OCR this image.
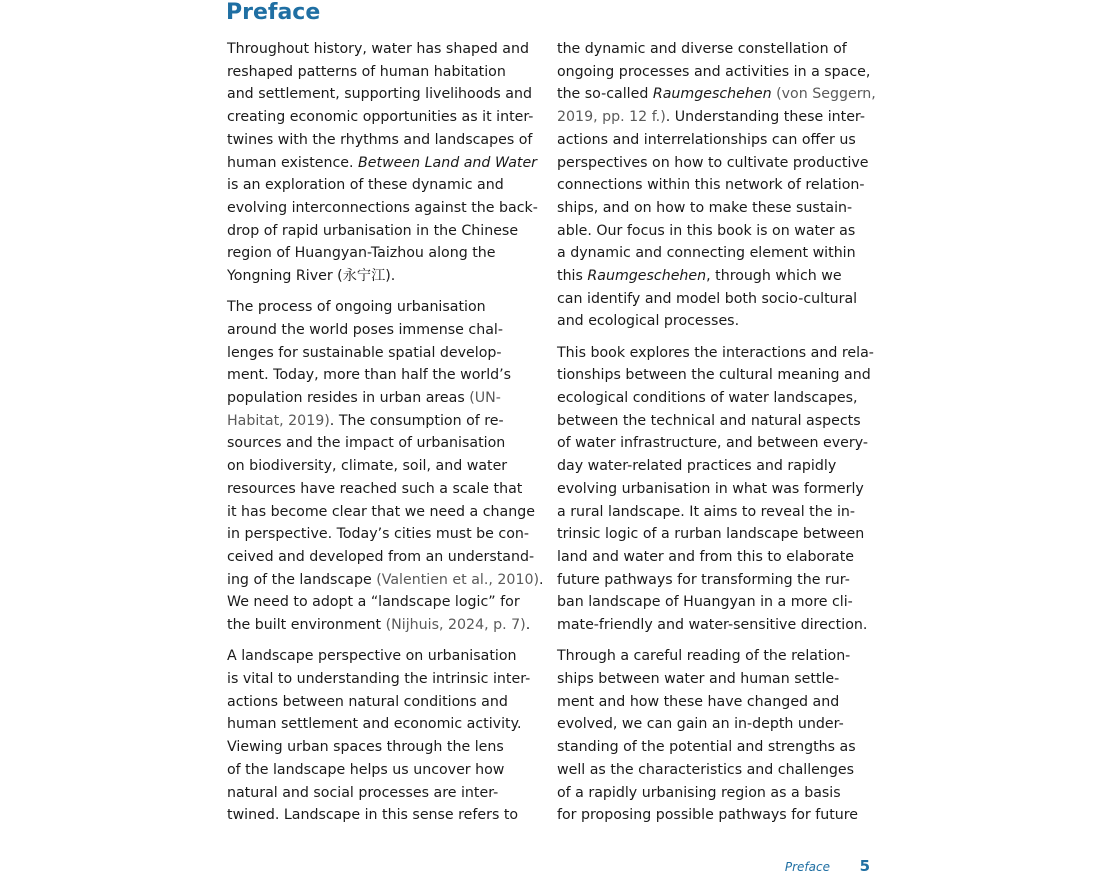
Preface

Throughout history, water has shaped and
reshaped patterns of human habitation
and settlement, supporting livelihoods and
creating economic opportunities as it inter-
twines with the rhythms and landscapes of
human existence. Between Land and Water
is an exploration of these dynamic and
evolving interconnections against the back-
drop of rapid urbanisation in the Chinese
region of Huangyan-Taizhou along the
Yongning River (永宁江).

The process of ongoing urbanisation
around the world poses immense chal-
lenges for sustainable spatial develop-
ment. Today, more than half the world’s
population resides in urban areas (UN-
Habitat, 2019). The consumption of re-
sources and the impact of urbanisation
on biodiversity, climate, soil, and water
resources have reached such a scale that
it has become clear that we need a change
in perspective. Today’s cities must be con-
ceived and developed from an understand-
ing of the landscape (Valentien et al., 2010).
We need to adopt a “landscape logic” for
the built environment (Nijhuis, 2024, p. 7).

A landscape perspective on urbanisation
is vital to understanding the intrinsic inter-
actions between natural conditions and
human settlement and economic activity.
Viewing urban spaces through the lens
of the landscape helps us uncover how
natural and social processes are inter-
twined. Landscape in this sense refers to

the dynamic and diverse constellation of
ongoing processes and activities in a space,
the so-called Raumgeschehen (von Seggern,
2019, pp. 12 f.). Understanding these inter-
actions and interrelationships can offer us
perspectives on how to cultivate productive
connections within this network of relation-
ships, and on how to make these sustain-
able. Our focus in this book is on water as
a dynamic and connecting element within
this Raumgeschehen, through which we
can identify and model both socio-cultural
and ecological processes.

This book explores the interactions and rela-
tionships between the cultural meaning and
ecological conditions of water landscapes,
between the technical and natural aspects
of water infrastructure, and between every-
day water-related practices and rapidly
evolving urbanisation in what was formerly
a rural landscape. It aims to reveal the in-
trinsic logic of a rurban landscape between
land and water and from this to elaborate
future pathways for transforming the rur-
ban landscape of Huangyan in a more cli-
mate-friendly and water-sensitive direction.

Through a careful reading of the relation-
ships between water and human settle-
ment and how these have changed and
evolved, we can gain an in-depth under-
standing of the potential and strengths as
well as the characteristics and challenges
of a rapidly urbanising region as a basis
for proposing possible pathways for future

Preface 5
